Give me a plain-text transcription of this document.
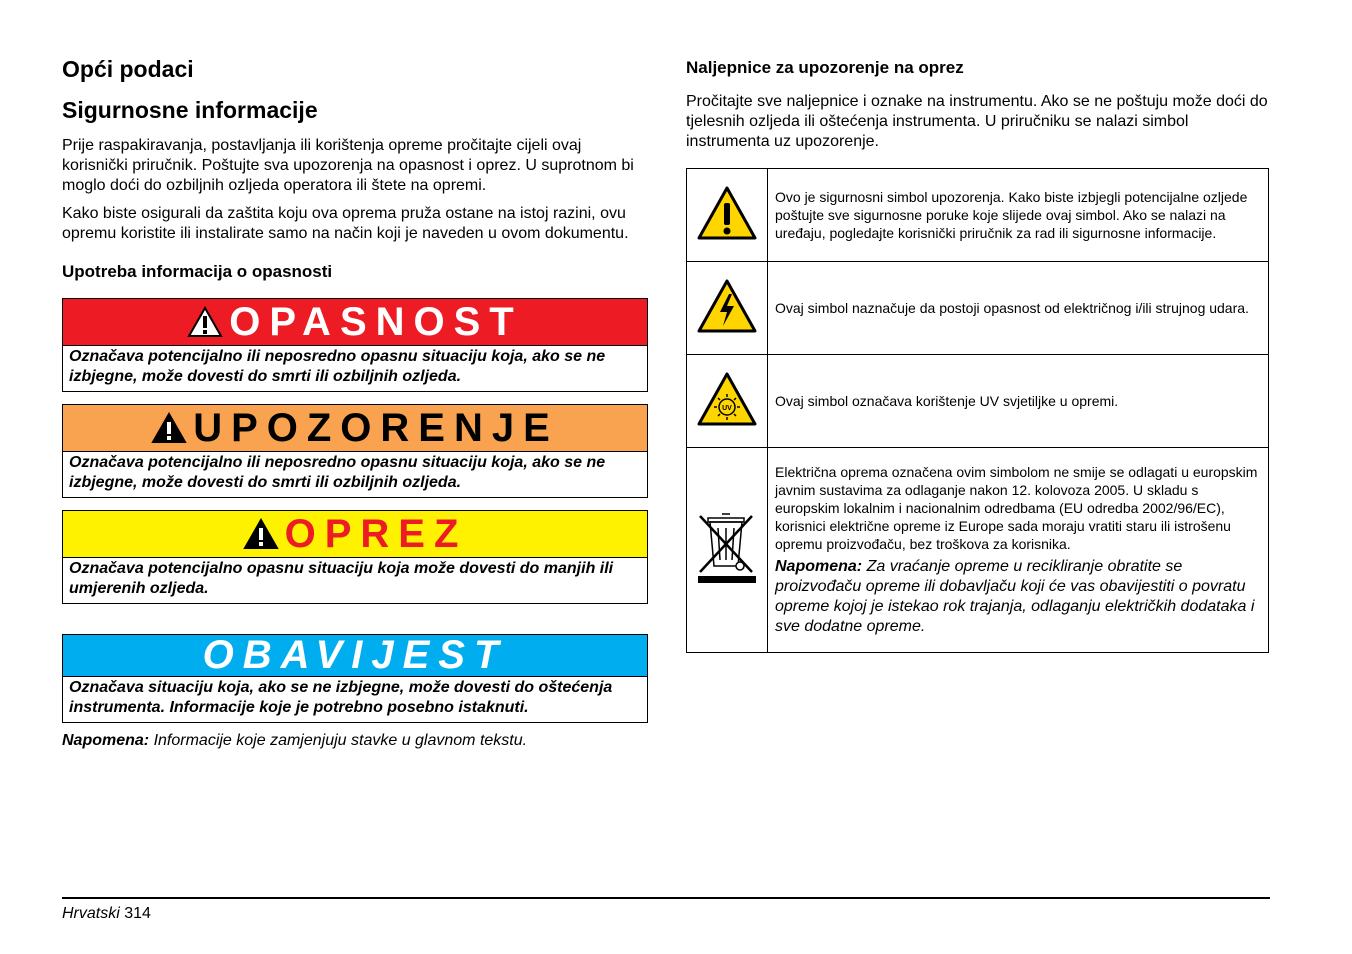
Opći podaci
Sigurnosne informacije

Prije raspakiravanja, postavljanja ili korištenja opreme pročitajte cijeli ovaj korisnički priručnik. Poštujte sva upozorenja na opasnost i oprez. U suprotnom bi moglo doći do ozbiljnih ozljeda operatora ili štete na opremi.

Kako biste osigurali da zaštita koju ova oprema pruža ostane na istoj razini, ovu opremu koristite ili instalirate samo na način koji je naveden u ovom dokumentu.

Upotreba informacija o opasnosti
OPASNOST
Označava potencijalno ili neposredno opasnu situaciju koja, ako se ne izbjegne, može dovesti do smrti ili ozbiljnih ozljeda.
UPOZORENJE
Označava potencijalno ili neposredno opasnu situaciju koja, ako se ne izbjegne, može dovesti do smrti ili ozbiljnih ozljeda.
OPREZ
Označava potencijalno opasnu situaciju koja može dovesti do manjih ili umjerenih ozljeda.
OBAVIJEST
Označava situaciju koja, ako se ne izbjegne, može dovesti do oštećenja instrumenta. Informacije koje je potrebno posebno istaknuti.
Napomena: Informacije koje zamjenjuju stavke u glavnom tekstu.
Naljepnice za upozorenje na oprez

Pročitajte sve naljepnice i oznake na instrumentu. Ako se ne poštuju može doći do tjelesnih ozljeda ili oštećenja instrumenta. U priručniku se nalazi simbol instrumenta uz upozorenje.

	Ovo je sigurnosni simbol upozorenja. Kako biste izbjegli potencijalne ozljede poštujte sve sigurnosne poruke koje slijede ovaj simbol. Ako se nalazi na uređaju, pogledajte korisnički priručnik za rad ili sigurnosne informacije.
	Ovaj simbol naznačuje da postoji opasnost od električnog i/ili strujnog udara.

UV	Ovaj simbol označava korištenje UV svjetiljke u opremi.

Električna oprema označena ovim simbolom ne smije se odlagati u europskim javnim sustavima za odlaganje nakon 12. kolovoza 2005. U skladu s europskim lokalnim i nacionalnim odredbama (EU odredba 2002/96/EC), korisnici električne opreme iz Europe sada moraju vratiti staru ili istrošenu opremu proizvođaču, bez troškova za korisnika.
Napomena: Za vraćanje opreme u recikliranje obratite se proizvođaču opreme ili dobavljaču koji će vas obavijestiti o povratu opreme kojoj je istekao rok trajanja, odlaganju električkih dodataka i sve dodatne opreme.
Hrvatski 314
